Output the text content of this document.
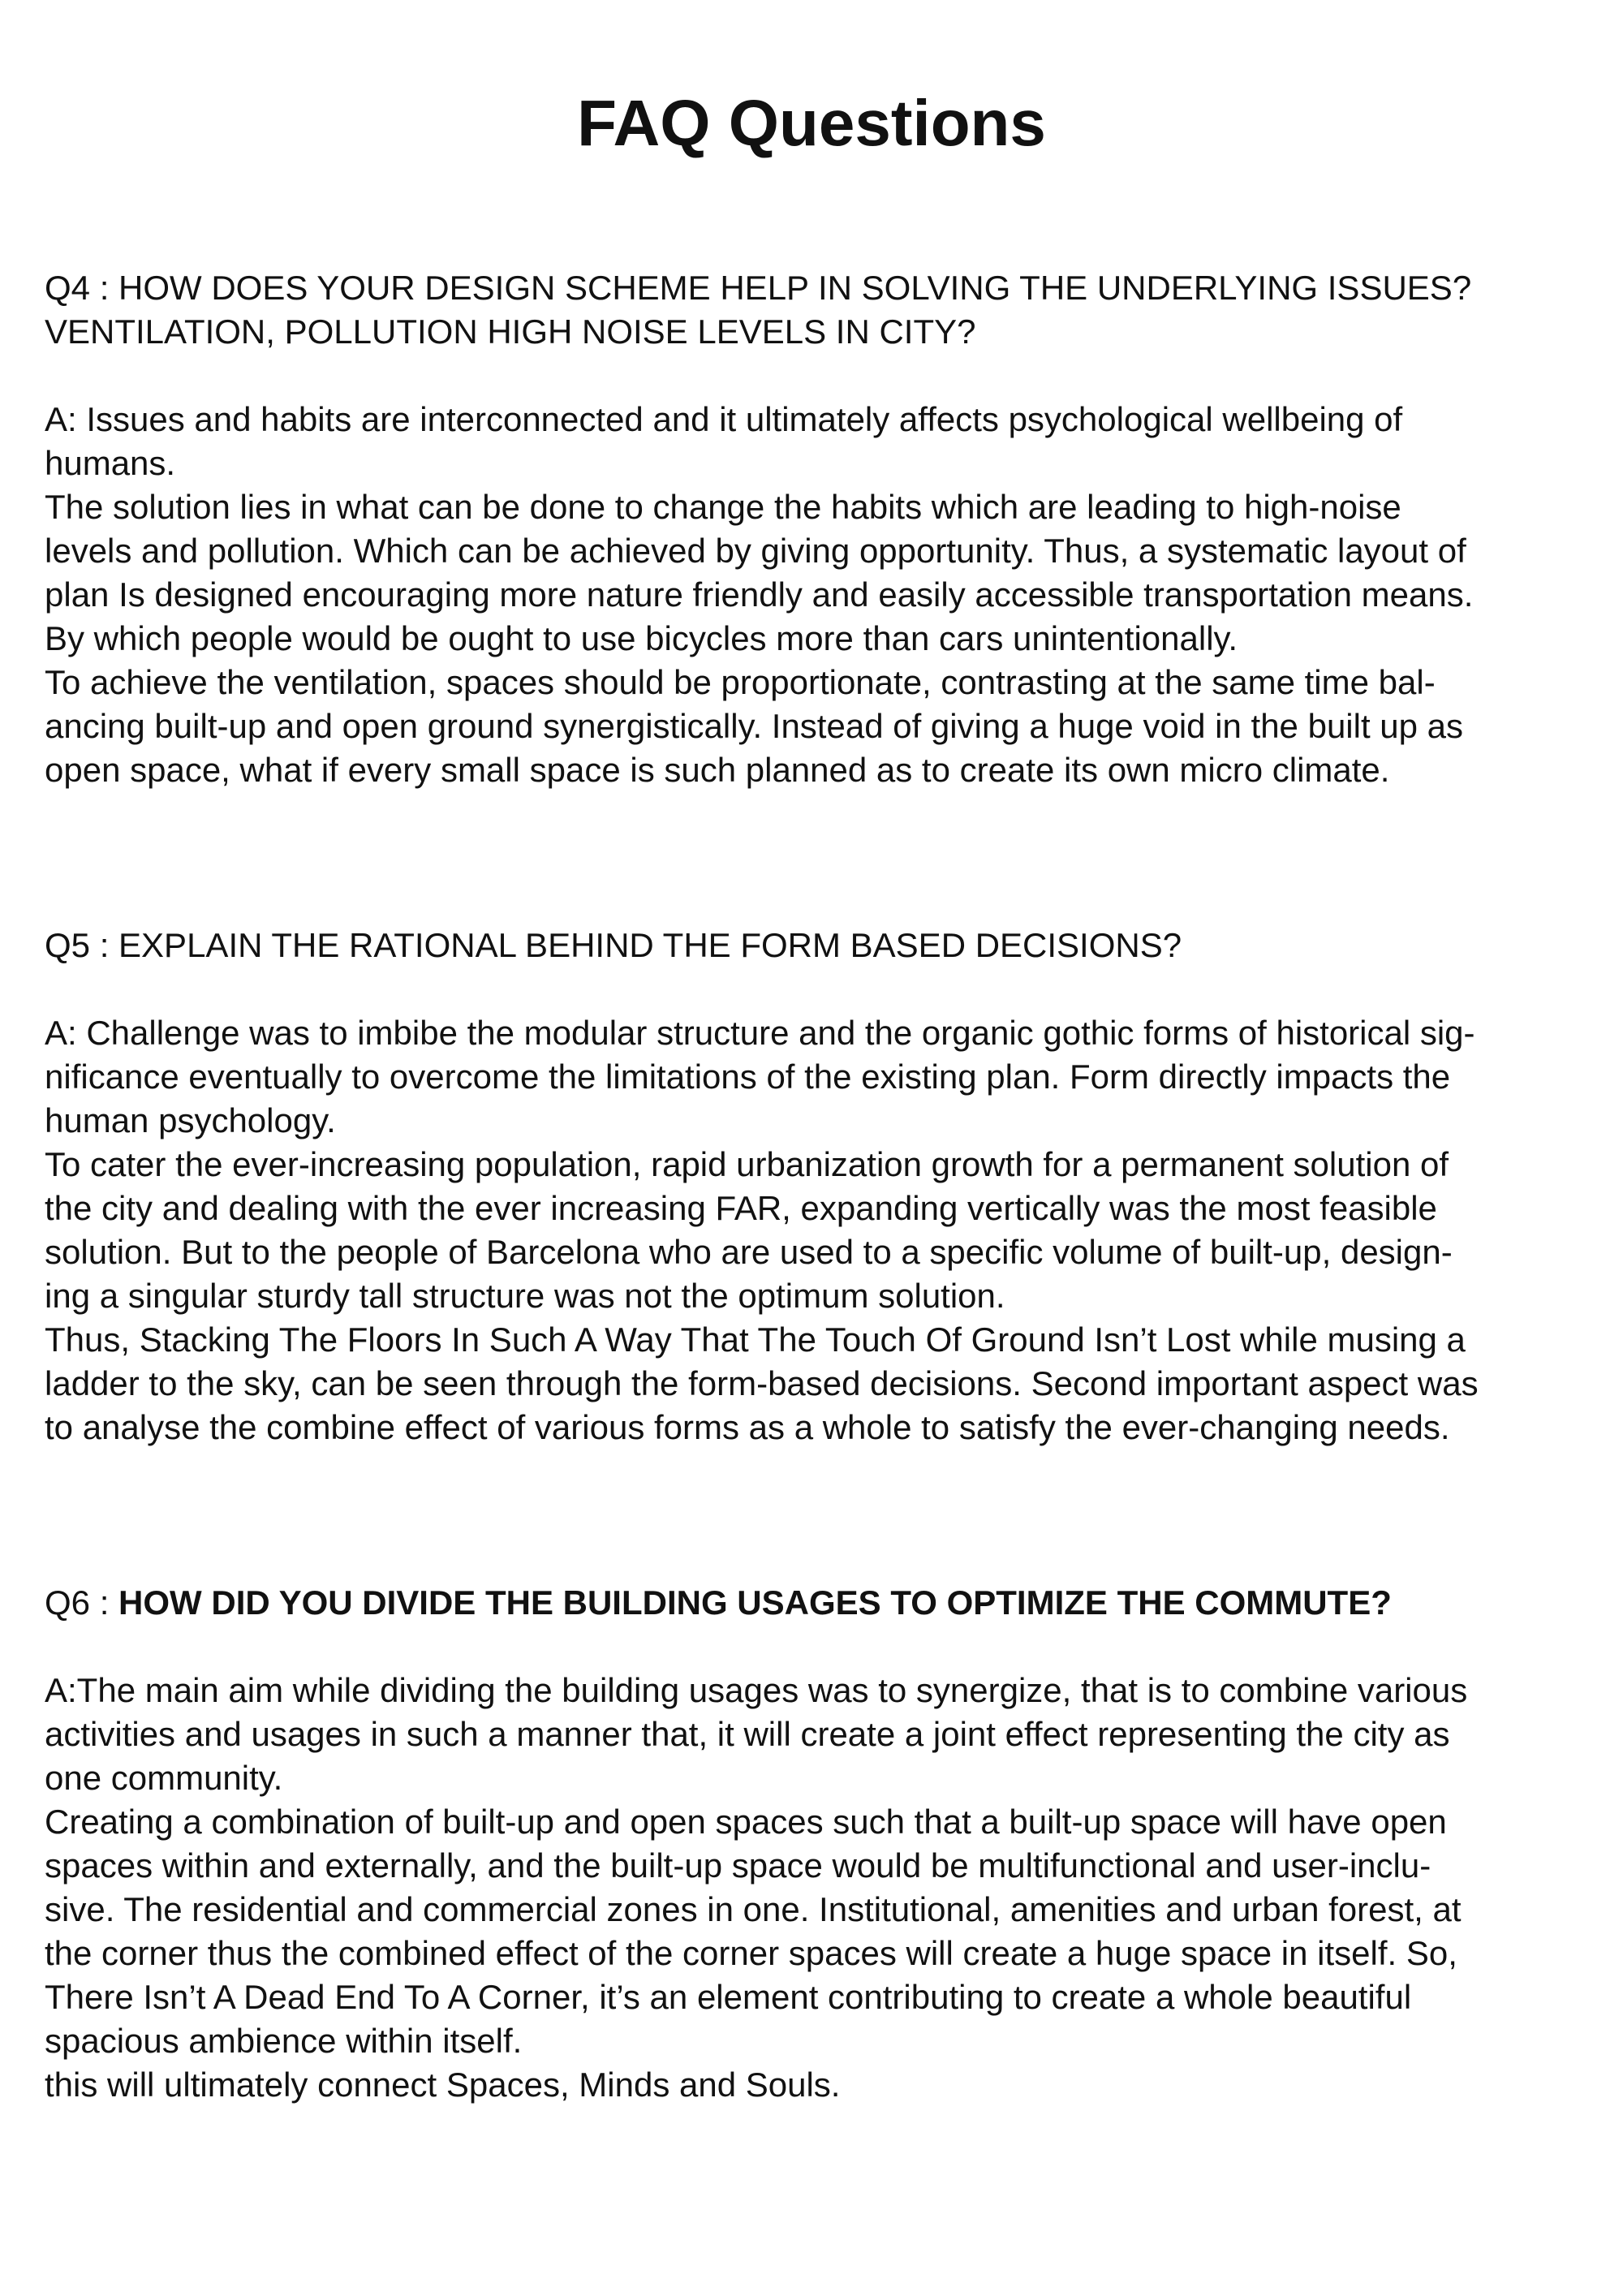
FAQ Questions

Q4 : HOW DOES YOUR DESIGN SCHEME HELP IN SOLVING THE UNDERLYING ISSUES?
VENTILATION, POLLUTION HIGH NOISE LEVELS IN CITY?

A: Issues and habits are interconnected and it ultimately affects psychological wellbeing of
humans.
The solution lies in what can be done to change the habits which are leading to high-noise
levels and pollution. Which can be achieved by giving opportunity. Thus, a systematic layout of
plan Is designed encouraging more nature friendly and easily accessible transportation means.
By which people would be ought to use bicycles more than cars unintentionally.
To achieve the ventilation, spaces should be proportionate, contrasting at the same time bal-
ancing built-up and open ground synergistically. Instead of giving a huge void in the built up as
open space, what if every small space is such planned as to create its own micro climate.

Q5 : EXPLAIN THE RATIONAL BEHIND THE FORM BASED DECISIONS?

A: Challenge was to imbibe the modular structure and the organic gothic forms of historical sig-
nificance eventually to overcome the limitations of the existing plan. Form directly impacts the
human psychology.
To cater the ever-increasing population, rapid urbanization growth for a permanent solution of
the city and dealing with the ever increasing FAR, expanding vertically was the most feasible
solution. But to the people of Barcelona who are used to a specific volume of built-up, design-
ing a singular sturdy tall structure was not the optimum solution.
Thus, Stacking The Floors In Such A Way That The Touch Of Ground Isn’t Lost while musing a
ladder to the sky, can be seen through the form-based decisions. Second important aspect was
to analyse the combine effect of various forms as a whole to satisfy the ever-changing needs.

Q6 : HOW DID YOU DIVIDE THE BUILDING USAGES TO OPTIMIZE THE COMMUTE?

A:The main aim while dividing the building usages was to synergize, that is to combine various
activities and usages in such a manner that, it will create a joint effect representing the city as
one community.
Creating a combination of built-up and open spaces such that a built-up space will have open
spaces within and externally, and the built-up space would be multifunctional and user-inclu-
sive. The residential and commercial zones in one. Institutional, amenities and urban forest, at
the corner thus the combined effect of the corner spaces will create a huge space in itself. So,
There Isn’t A Dead End To A Corner, it’s an element contributing to create a whole beautiful
spacious ambience within itself.
this will ultimately connect Spaces, Minds and Souls.
